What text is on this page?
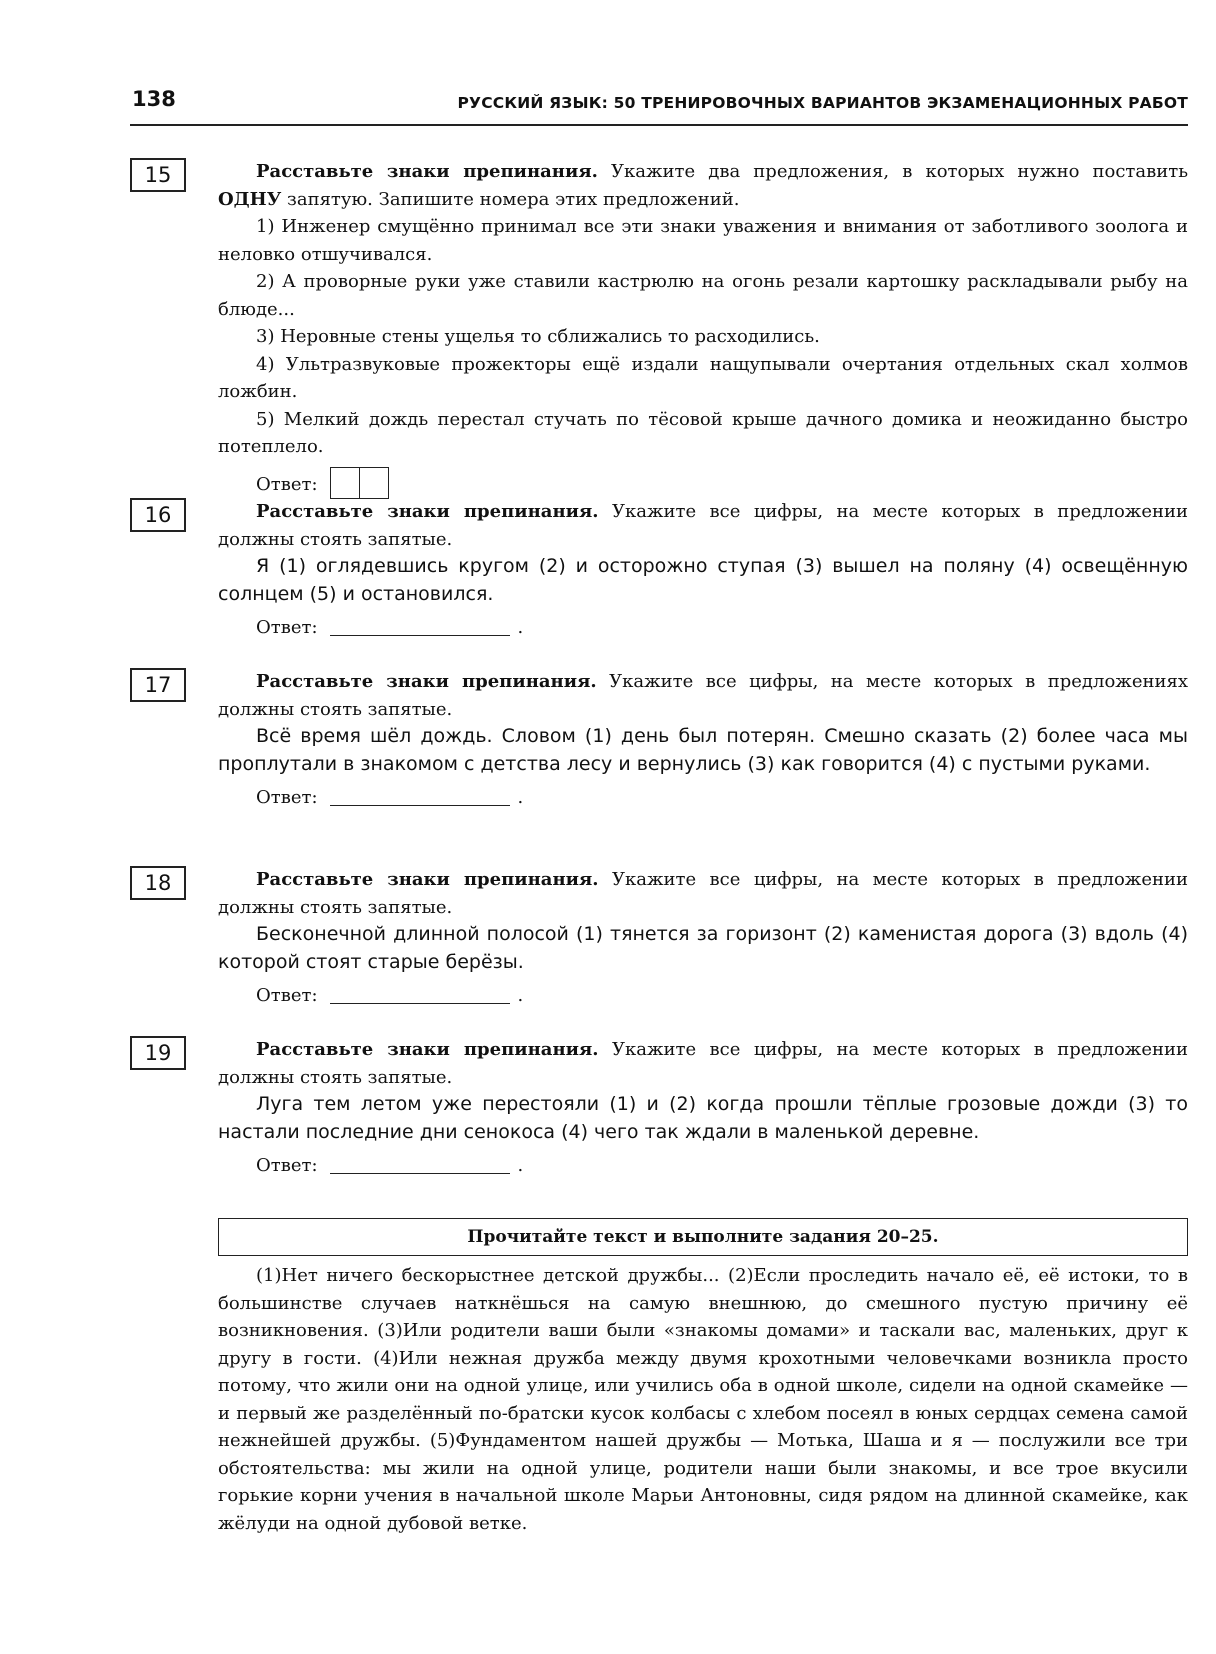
138	РУССКИЙ ЯЗЫК: 50 ТРЕНИРОВОЧНЫХ ВАРИАНТОВ ЭКЗАМЕНАЦИОННЫХ РАБОТ
15	Расставьте знаки препинания. Укажите два предложения, в которых нужно поставить ОДНУ запятую. Запишите номера этих предложений.

1) Инженер смущённо принимал все эти знаки уважения и внимания от заботливого зоолога и неловко отшучивался.

2) А проворные руки уже ставили кастрюлю на огонь резали картошку раскладывали рыбу на блюде...

3) Неровные стены ущелья то сближались то расходились.

4) Ультразвуковые прожекторы ещё издали нащупывали очертания отдельных скал холмов ложбин.

5) Мелкий дождь перестал стучать по тёсовой крыше дачного домика и неожиданно быстро потеплело.

Ответ:
16	Расставьте знаки препинания. Укажите все цифры, на месте которых в предложении должны стоять запятые.

Я (1) оглядевшись кругом (2) и осторожно ступая (3) вышел на поляну (4) освещённую солнцем (5) и остановился.

Ответ:	.
17	Расставьте знаки препинания. Укажите все цифры, на месте которых в предложениях должны стоять запятые.

Всё время шёл дождь. Словом (1) день был потерян. Смешно сказать (2) более часа мы проплутали в знакомом с детства лесу и вернулись (3) как говорится (4) с пустыми руками.

Ответ:	.
18	Расставьте знаки препинания. Укажите все цифры, на месте которых в предложении должны стоять запятые.

Бесконечной длинной полосой (1) тянется за горизонт (2) каменистая дорога (3) вдоль (4) которой стоят старые берёзы.

Ответ:	.
19	Расставьте знаки препинания. Укажите все цифры, на месте которых в предложении должны стоять запятые.

Луга тем летом уже перестояли (1) и (2) когда прошли тёплые грозовые дожди (3) то настали последние дни сенокоса (4) чего так ждали в маленькой деревне.

Ответ:	.
Прочитайте текст и выполните задания 20–25.

(1)Нет ничего бескорыстнее детской дружбы... (2)Если проследить начало её, её истоки, то в большинстве случаев наткнёшься на самую внешнюю, до смешного пустую причину её возникновения. (3)Или родители ваши были «знакомы домами» и таскали вас, маленьких, друг к другу в гости. (4)Или нежная дружба между двумя крохотными человечками возникла просто потому, что жили они на одной улице, или учились оба в одной школе, сидели на одной скамейке — и первый же разделённый по-братски кусок колбасы с хлебом посеял в юных сердцах семена самой нежнейшей дружбы. (5)Фундаментом нашей дружбы — Мотька, Шаша и я — послужили все три обстоятельства: мы жили на одной улице, родители наши были знакомы, и все трое вкусили горькие корни учения в начальной школе Марьи Антоновны, сидя рядом на длинной скамейке, как жёлуди на одной дубовой ветке.
